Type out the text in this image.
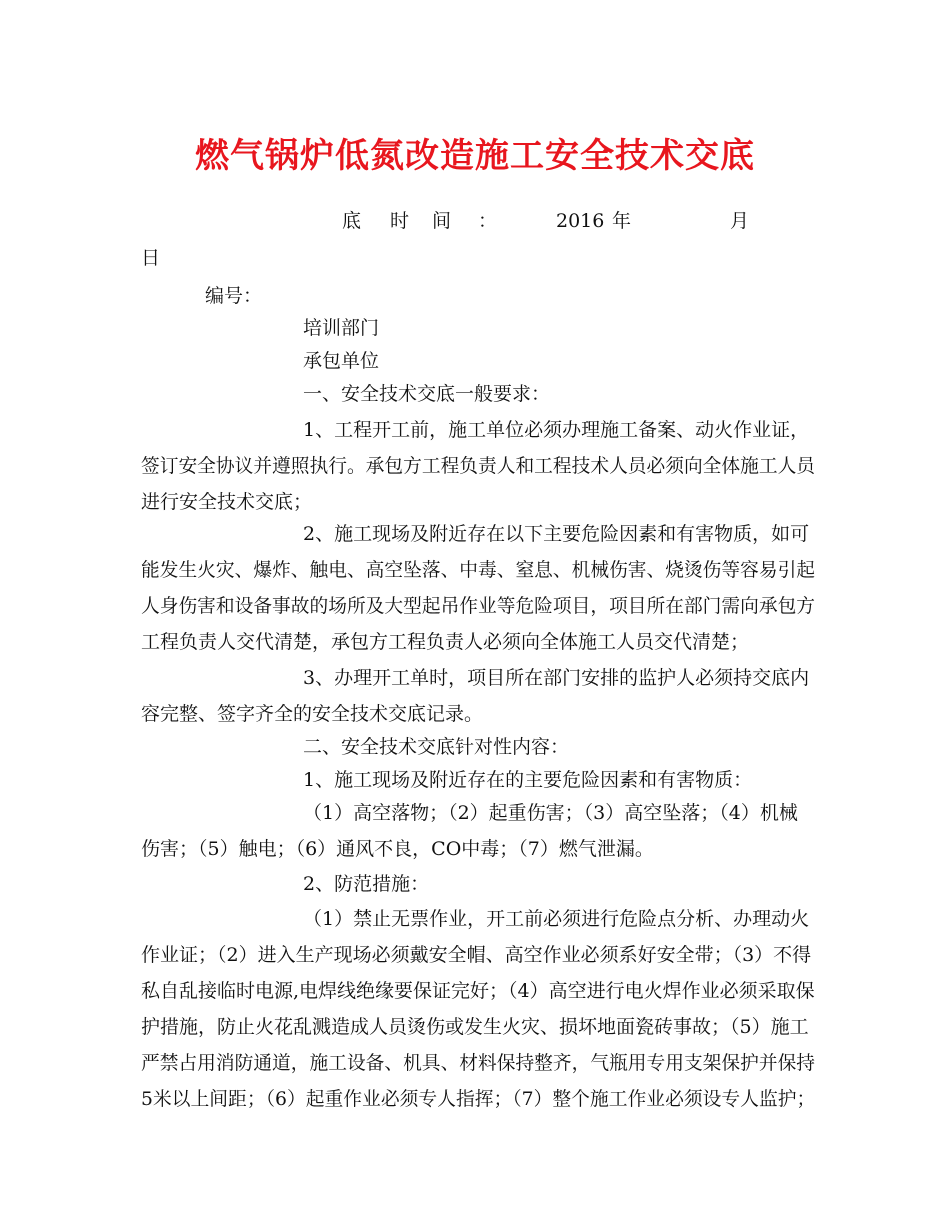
燃气锅炉低氮改造施工安全技术交底
底 时 间 ：	2016 年	月
日
编号：
培训部门
承包单位
一、安全技术交底一般要求：
1、工程开工前，施工单位必须办理施工备案、动火作业证，
签订安全协议并遵照执行。承包方工程负责人和工程技术人员必须向全体施工人员
进行安全技术交底；
2、施工现场及附近存在以下主要危险因素和有害物质，如可
能发生火灾、爆炸、触电、高空坠落、中毒、窒息、机械伤害、烧烫伤等容易引起
人身伤害和设备事故的场所及大型起吊作业等危险项目，项目所在部门需向承包方
工程负责人交代清楚，承包方工程负责人必须向全体施工人员交代清楚；
3、办理开工单时，项目所在部门安排的监护人必须持交底内
容完整、签字齐全的安全技术交底记录。
二、安全技术交底针对性内容：
1、施工现场及附近存在的主要危险因素和有害物质：
（1）高空落物；（2）起重伤害；（3）高空坠落；（4）机械
伤害；（5）触电；（6）通风不良，CO中毒；（7）燃气泄漏。
2、防范措施：
（1）禁止无票作业，开工前必须进行危险点分析、办理动火
作业证；（2）进入生产现场必须戴安全帽、高空作业必须系好安全带；（3）不得
私自乱接临时电源,电焊线绝缘要保证完好；（4）高空进行电火焊作业必须采取保
护措施，防止火花乱溅造成人员烫伤或发生火灾、损坏地面瓷砖事故；（5）施工
严禁占用消防通道，施工设备、机具、材料保持整齐，气瓶用专用支架保护并保持
5米以上间距；（6）起重作业必须专人指挥；（7）整个施工作业必须设专人监护；
